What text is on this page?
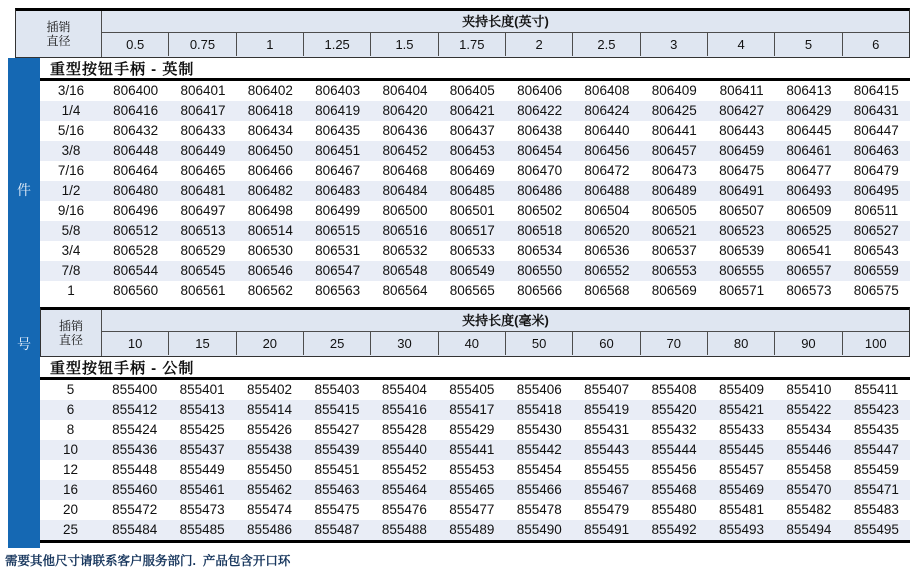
插销
直径
夹持长度(英寸)
0.5	0.75	1	1.25	1.5	1.75	2	2.5	3	4	5	6
件
号
重型按钮手柄 - 英制
3/16	806400	806401	806402	806403	806404	806405	806406	806408	806409	806411	806413	806415
1/4	806416	806417	806418	806419	806420	806421	806422	806424	806425	806427	806429	806431
5/16	806432	806433	806434	806435	806436	806437	806438	806440	806441	806443	806445	806447
3/8	806448	806449	806450	806451	806452	806453	806454	806456	806457	806459	806461	806463
7/16	806464	806465	806466	806467	806468	806469	806470	806472	806473	806475	806477	806479
1/2	806480	806481	806482	806483	806484	806485	806486	806488	806489	806491	806493	806495
9/16	806496	806497	806498	806499	806500	806501	806502	806504	806505	806507	806509	806511
5/8	806512	806513	806514	806515	806516	806517	806518	806520	806521	806523	806525	806527
3/4	806528	806529	806530	806531	806532	806533	806534	806536	806537	806539	806541	806543
7/8	806544	806545	806546	806547	806548	806549	806550	806552	806553	806555	806557	806559
1	806560	806561	806562	806563	806564	806565	806566	806568	806569	806571	806573	806575
插销
直径
夹持长度(毫米)
10	15	20	25	30	40	50	60	70	80	90	100
重型按钮手柄 - 公制
5	855400	855401	855402	855403	855404	855405	855406	855407	855408	855409	855410	855411
6	855412	855413	855414	855415	855416	855417	855418	855419	855420	855421	855422	855423
8	855424	855425	855426	855427	855428	855429	855430	855431	855432	855433	855434	855435
10	855436	855437	855438	855439	855440	855441	855442	855443	855444	855445	855446	855447
12	855448	855449	855450	855451	855452	855453	855454	855455	855456	855457	855458	855459
16	855460	855461	855462	855463	855464	855465	855466	855467	855468	855469	855470	855471
20	855472	855473	855474	855475	855476	855477	855478	855479	855480	855481	855482	855483
25	855484	855485	855486	855487	855488	855489	855490	855491	855492	855493	855494	855495
需要其他尺寸请联系客户服务部门.  产品包含开口环
